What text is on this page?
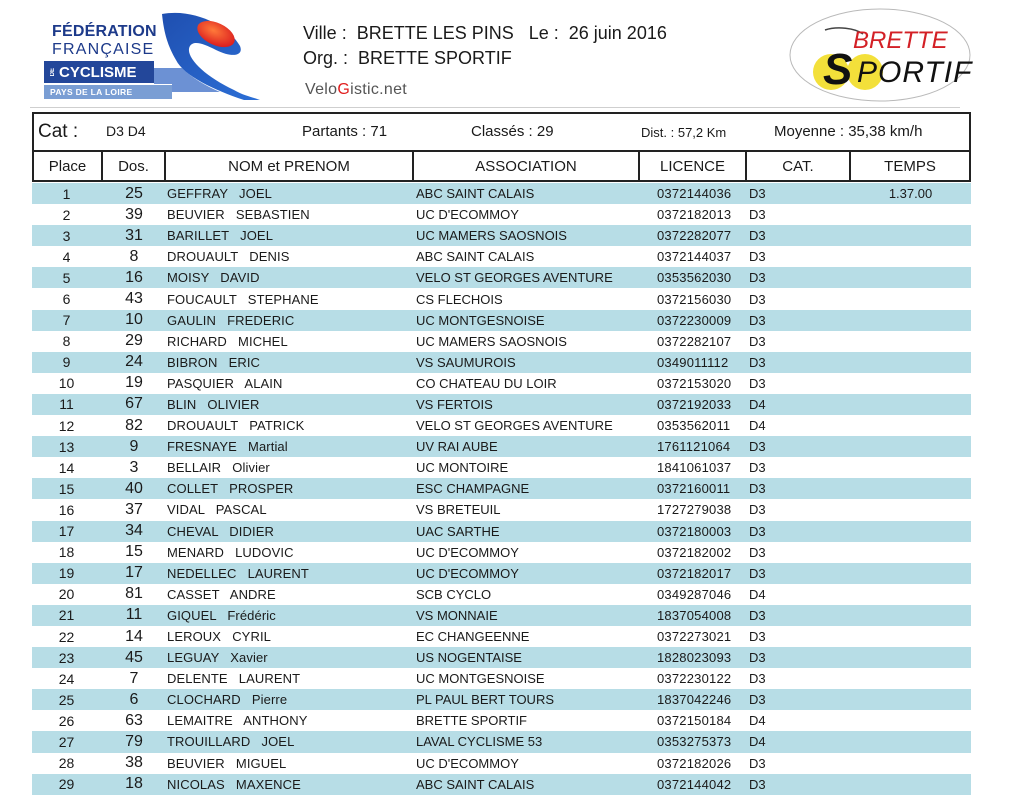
FÉDÉRATION
FRANÇAISE
DE CYCLISME
PAYS DE LA LOIRE
Ville :  BRETTE LES PINS   Le :  26 juin 2016
Org. :  BRETTE SPORTIF
VeloGistic.net
BRETTE
S PORTIF
Cat : D3 D4	Partants : 71	Classés : 29	Dist. : 57,2 Km	Moyenne : 35,38 km/h
Place	Dos.	NOM et PRENOM	ASSOCIATION	LICENCE	CAT.	TEMPS
1	25	GEFFRAY   JOEL	ABC SAINT CALAIS	0372144036 D3	1.37.00
2	39	BEUVIER   SEBASTIEN	UC D'ECOMMOY	0372182013 D3
3	31	BARILLET   JOEL	UC MAMERS SAOSNOIS	0372282077 D3
4	8	DROUAULT   DENIS	ABC SAINT CALAIS	0372144037 D3
5	16	MOISY   DAVID	VELO ST GEORGES AVENTURE	0353562030 D3
6	43	FOUCAULT   STEPHANE	CS FLECHOIS	0372156030 D3
7	10	GAULIN   FREDERIC	UC MONTGESNOISE	0372230009 D3
8	29	RICHARD   MICHEL	UC MAMERS SAOSNOIS	0372282107 D3
9	24	BIBRON   ERIC	VS SAUMUROIS	0349011112 D3
10	19	PASQUIER   ALAIN	CO CHATEAU DU LOIR	0372153020 D3
11	67	BLIN   OLIVIER	VS FERTOIS	0372192033 D4
12	82	DROUAULT   PATRICK	VELO ST GEORGES AVENTURE	0353562011 D4
13	9	FRESNAYE   Martial	UV RAI AUBE	1761121064 D3
14	3	BELLAIR   Olivier	UC MONTOIRE	1841061037 D3
15	40	COLLET   PROSPER	ESC CHAMPAGNE	0372160011 D3
16	37	VIDAL   PASCAL	VS BRETEUIL	1727279038 D3
17	34	CHEVAL   DIDIER	UAC SARTHE	0372180003 D3
18	15	MENARD   LUDOVIC	UC D'ECOMMOY	0372182002 D3
19	17	NEDELLEC   LAURENT	UC D'ECOMMOY	0372182017 D3
20	81	CASSET   ANDRE	SCB CYCLO	0349287046 D4
21	11	GIQUEL   Frédéric	VS MONNAIE	1837054008 D3
22	14	LEROUX   CYRIL	EC CHANGEENNE	0372273021 D3
23	45	LEGUAY   Xavier	US NOGENTAISE	1828023093 D3
24	7	DELENTE   LAURENT	UC MONTGESNOISE	0372230122 D3
25	6	CLOCHARD   Pierre	PL PAUL BERT TOURS	1837042246 D3
26	63	LEMAITRE   ANTHONY	BRETTE SPORTIF	0372150184 D4
27	79	TROUILLARD   JOEL	LAVAL CYCLISME 53	0353275373 D4
28	38	BEUVIER   MIGUEL	UC D'ECOMMOY	0372182026 D3
29	18	NICOLAS   MAXENCE	ABC SAINT CALAIS	0372144042 D3
